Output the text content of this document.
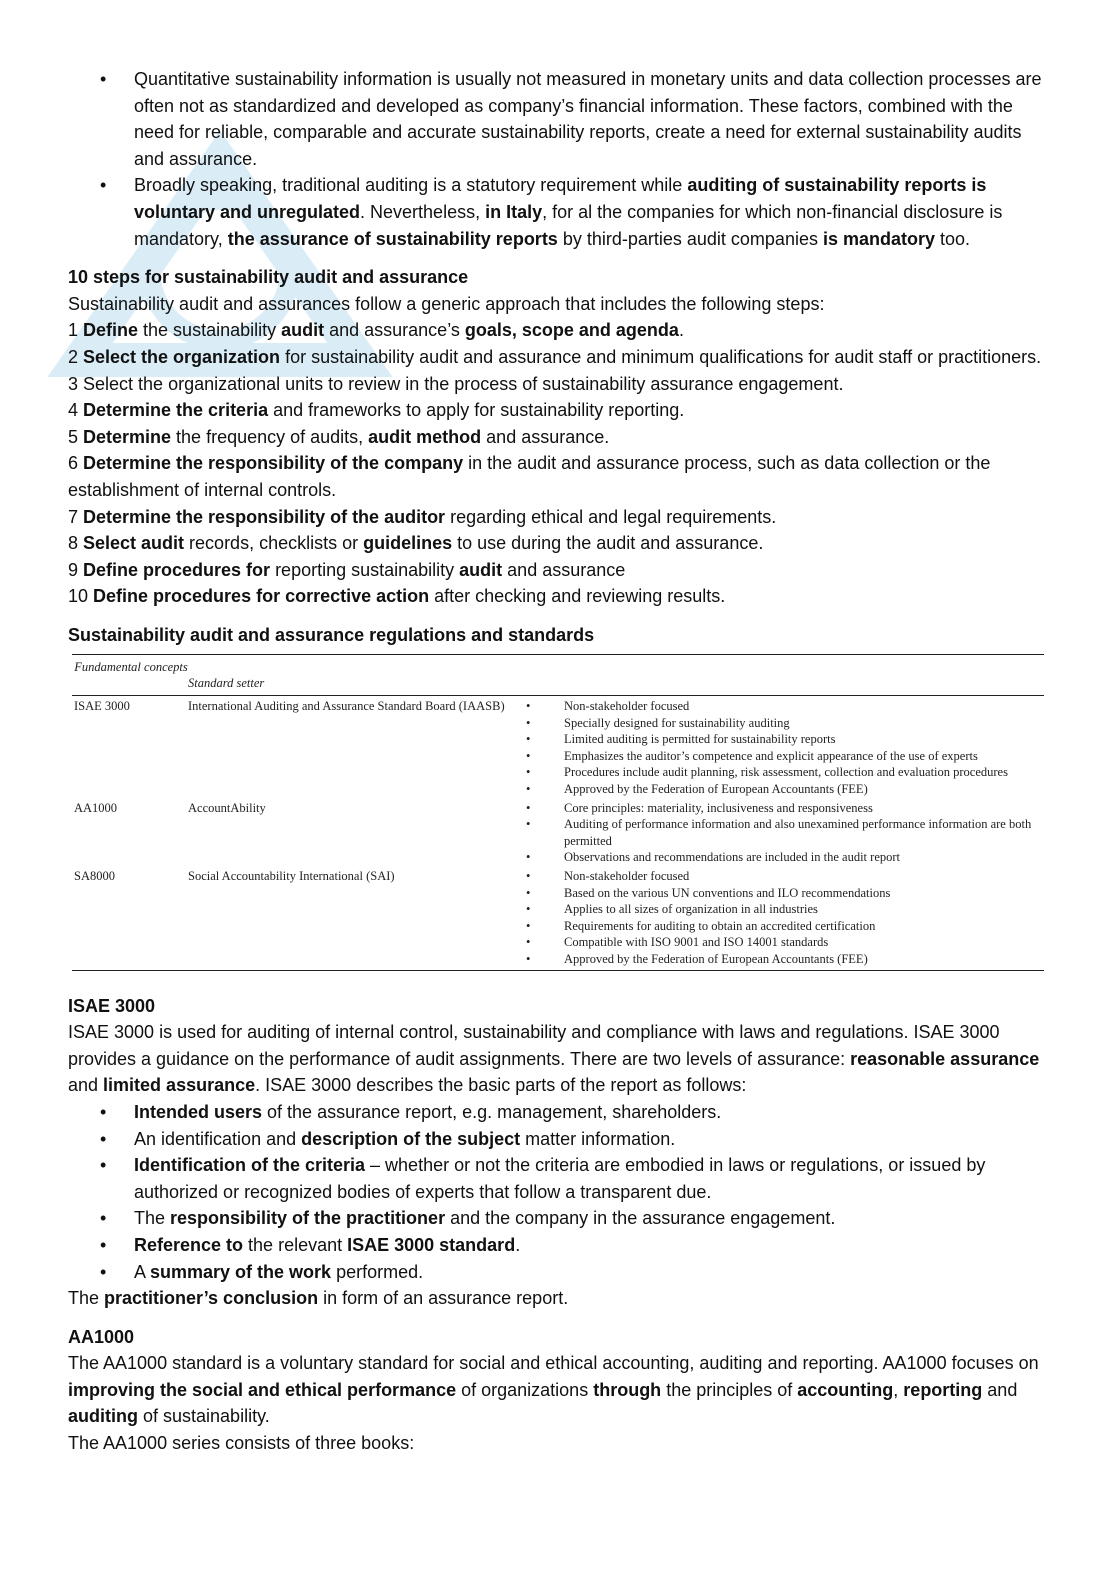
• Quantitative sustainability information is usually not measured in monetary units and data collection processes are often not as standardized and developed as company’s financial information. These factors, combined with the need for reliable, comparable and accurate sustainability reports, create a need for external sustainability audits and assurance.
• Broadly speaking, traditional auditing is a statutory requirement while auditing of sustainability reports is voluntary and unregulated. Nevertheless, in Italy, for al the companies for which non-financial disclosure is mandatory, the assurance of sustainability reports by third-parties audit companies is mandatory too.

10 steps for sustainability audit and assurance

Sustainability audit and assurances follow a generic approach that includes the following steps:

1 Define the sustainability audit and assurance’s goals, scope and agenda.

2 Select the organization for sustainability audit and assurance and minimum qualifications for audit staff or practitioners.

3 Select the organizational units to review in the process of sustainability assurance engagement.

4 Determine the criteria and frameworks to apply for sustainability reporting.

5 Determine the frequency of audits, audit method and assurance.

6 Determine the responsibility of the company in the audit and assurance process, such as data collection or the establishment of internal controls.

7 Determine the responsibility of the auditor regarding ethical and legal requirements.

8 Select audit records, checklists or guidelines to use during the audit and assurance.

9 Define procedures for reporting sustainability audit and assurance

10 Define procedures for corrective action after checking and reviewing results.

Sustainability audit and assurance regulations and standards

Fundamental concepts
Standard setter
ISAE 3000	International Auditing and Assurance Standard Board (IAASB)	•	Non-stakeholder focused
•	Specially designed for sustainability auditing
•	Limited auditing is permitted for sustainability reports
•	Emphasizes the auditor’s competence and explicit appearance of the use of experts
•	Procedures include audit planning, risk assessment, collection and evaluation procedures
•	Approved by the Federation of European Accountants (FEE)
AA1000	AccountAbility	•	Core principles: materiality, inclusiveness and responsiveness
•	Auditing of performance information and also unexamined performance information are both permitted
•	Observations and recommendations are included in the audit report
SA8000	Social Accountability International (SAI)	•	Non-stakeholder focused
•	Based on the various UN conventions and ILO recommendations
•	Applies to all sizes of organization in all industries
•	Requirements for auditing to obtain an accredited certification
•	Compatible with ISO 9001 and ISO 14001 standards
•	Approved by the Federation of European Accountants (FEE)

ISAE 3000

ISAE 3000 is used for auditing of internal control, sustainability and compliance with laws and regulations. ISAE 3000 provides a guidance on the performance of audit assignments. There are two levels of assurance: reasonable assurance and limited assurance. ISAE 3000 describes the basic parts of the report as follows:

• Intended users of the assurance report, e.g. management, shareholders.
• An identification and description of the subject matter information.
• Identification of the criteria – whether or not the criteria are embodied in laws or regulations, or issued by authorized or recognized bodies of experts that follow a transparent due.
• The responsibility of the practitioner and the company in the assurance engagement.
• Reference to the relevant ISAE 3000 standard.
• A summary of the work performed.

The practitioner’s conclusion in form of an assurance report.

AA1000

The AA1000 standard is a voluntary standard for social and ethical accounting, auditing and reporting. AA1000 focuses on improving the social and ethical performance of organizations through the principles of accounting, reporting and auditing of sustainability.

The AA1000 series consists of three books:
